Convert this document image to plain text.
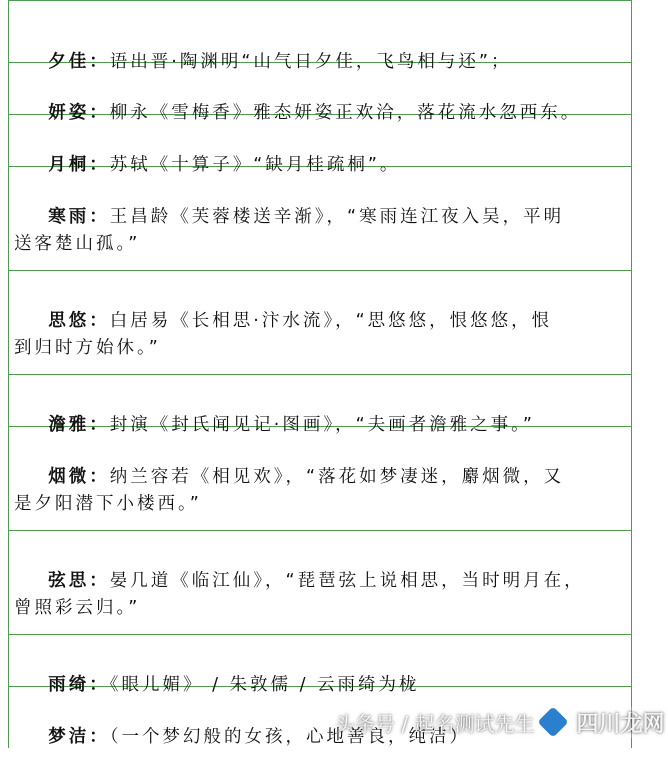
夕佳：语出晋·陶渊明“山气日夕佳，飞鸟相与还”；

妍姿：柳永《雪梅香》雅态妍姿正欢洽，落花流水忽西东。

月桐：苏轼《十算子》“缺月桂疏桐”。

寒雨：王昌龄《芙蓉楼送辛渐》，“寒雨连江夜入吴，平明

送客楚山孤。”

思悠：白居易《长相思·汴水流》，“思悠悠，恨悠悠，恨

到归时方始休。”

澹雅：封演《封氏闻见记·图画》，“夫画者澹雅之事。”

烟微：纳兰容若《相见欢》，“落花如梦凄迷，麝烟微，又

是夕阳潜下小楼西。”

弦思：晏几道《临江仙》，“琵琶弦上说相思，当时明月在，

曾照彩云归。”

雨绮：《眼儿媚》 / 朱敦儒 / 云雨绮为栊

梦洁：（一个梦幻般的女孩，心地善良，纯洁）

头条号 / 起名测试先生 四川龙网
